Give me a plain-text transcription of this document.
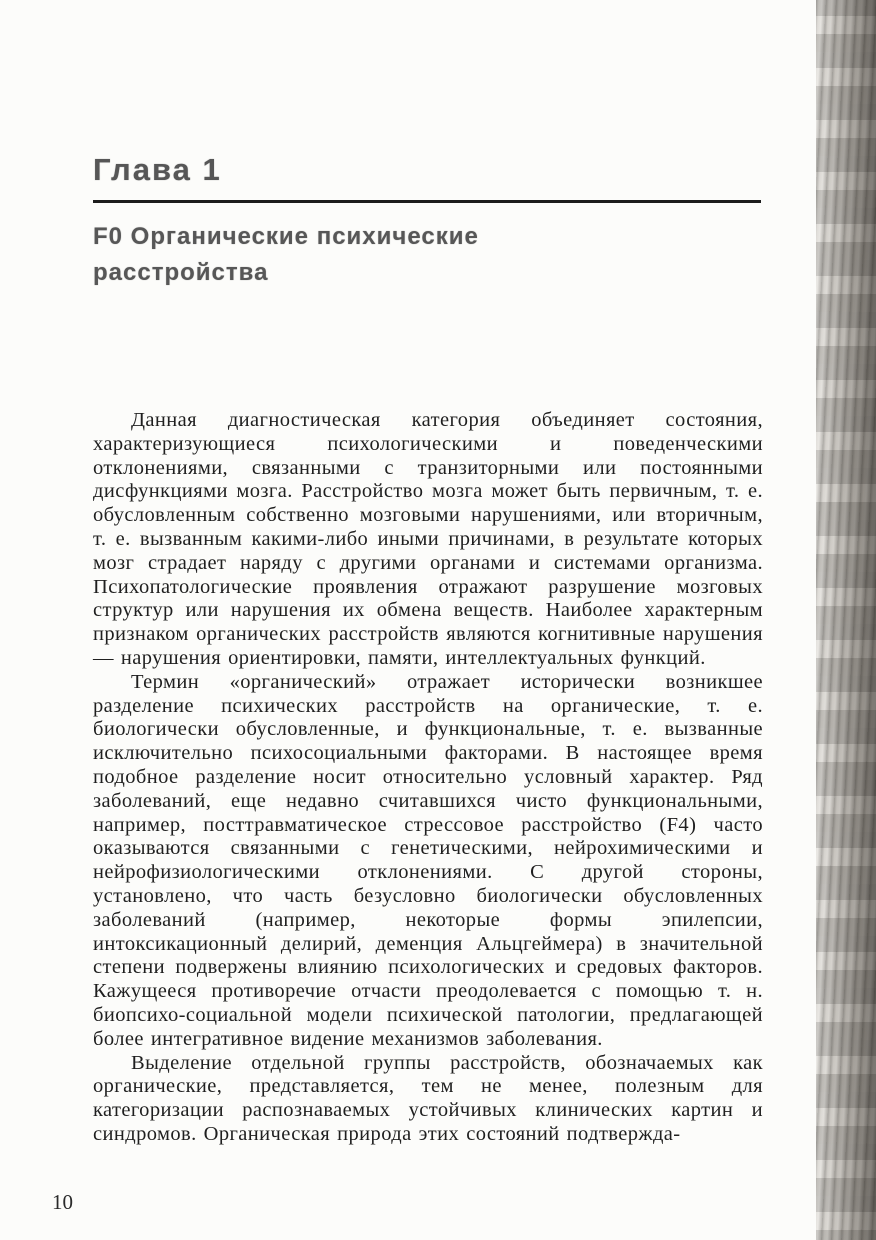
Глава 1
F0 Органические психические расстройства

Данная диагностическая категория объединяет состояния, характеризующиеся психологическими и поведенческими отклонениями, связанными с транзиторными или постоянными дисфункциями мозга. Расстройство мозга может быть первичным, т. е. обусловленным собственно мозговыми нарушениями, или вторичным, т. е. вызванным какими-либо иными причинами, в результате которых мозг страдает наряду с другими органами и системами организма. Психопатологические проявления отражают разрушение мозговых структур или нарушения их обмена веществ. Наиболее характерным признаком органических расстройств являются когнитивные нарушения — нарушения ориентировки, памяти, интеллектуальных функций.

Термин «органический» отражает исторически возникшее разделение психических расстройств на органические, т. е. биологически обусловленные, и функциональные, т. е. вызванные исключительно психосоциальными факторами. В настоящее время подобное разделение носит относительно условный характер. Ряд заболеваний, еще недавно считавшихся чисто функциональными, например, посттравматическое стрессовое расстройство (F4) часто оказываются связанными с генетическими, нейрохимическими и нейрофизиологическими отклонениями. С другой стороны, установлено, что часть безусловно биологически обусловленных заболеваний (например, некоторые формы эпилепсии, интоксикационный делирий, деменция Альцгеймера) в значительной степени подвержены влиянию психологических и средовых факторов. Кажущееся противоречие отчасти преодолевается с помощью т. н. биопсихо-социальной модели психической патологии, предлагающей более интегративное видение механизмов заболевания.

Выделение отдельной группы расстройств, обозначаемых как органические, представляется, тем не менее, полезным для категоризации распознаваемых устойчивых клинических картин и синдромов. Органическая природа этих состояний подтвержда-

10
